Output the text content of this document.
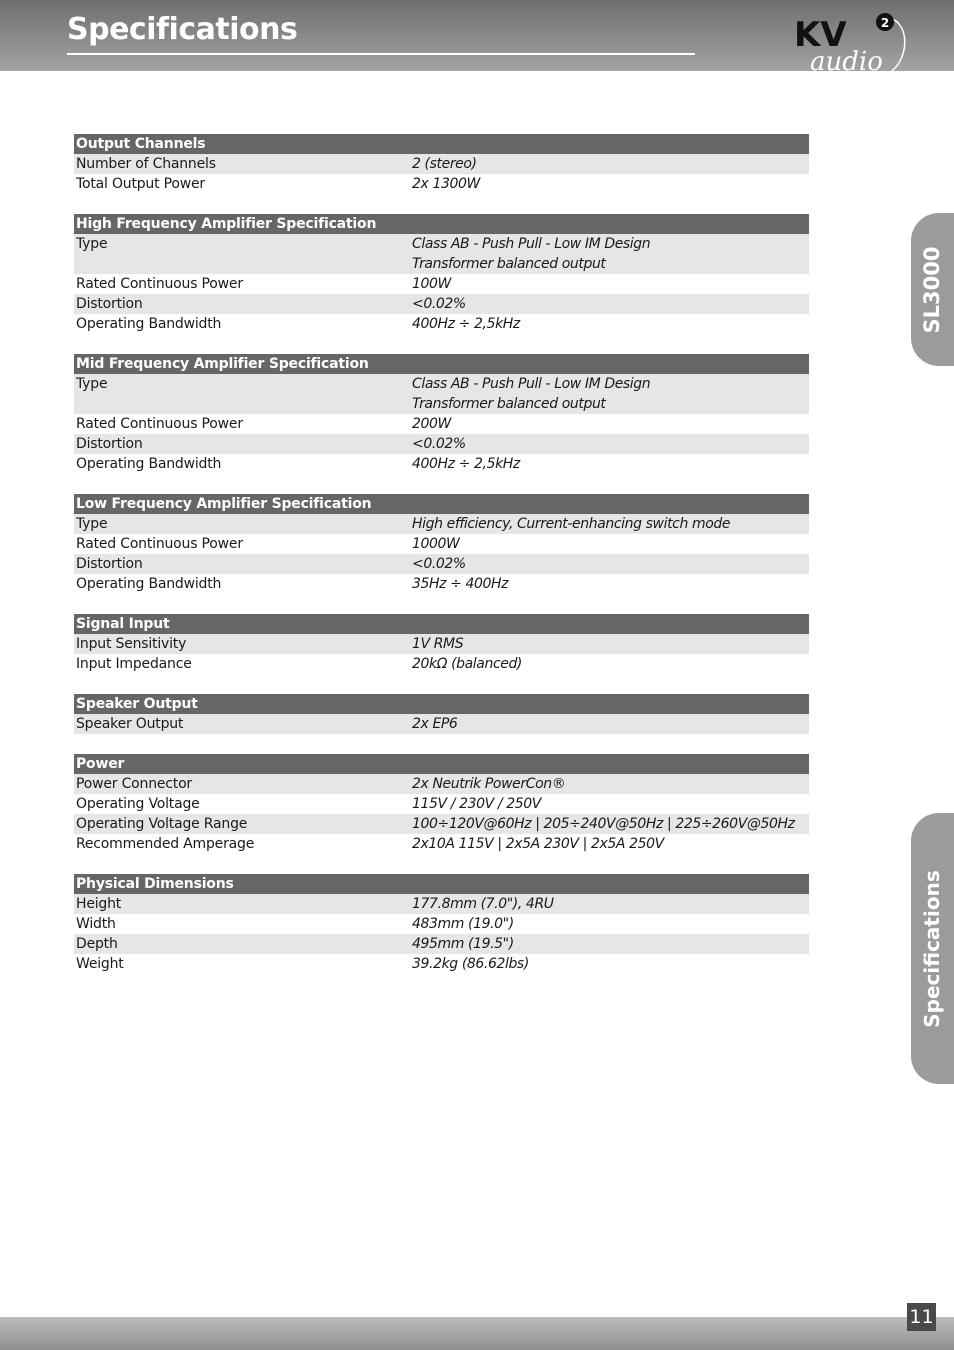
Specifications	KV
audio
2
SL3000
Specifications
Output Channels
Number of Channels	2 (stereo)
Total Output Power	2x 1300W
High Frequency Amplifier Specification
Type	Class AB - Push Pull - Low IM Design
Transformer balanced output
Rated Continuous Power	100W
Distortion	<0.02%
Operating Bandwidth	400Hz ÷ 2,5kHz
Mid Frequency Amplifier Specification
Type	Class AB - Push Pull - Low IM Design
Transformer balanced output
Rated Continuous Power	200W
Distortion	<0.02%
Operating Bandwidth	400Hz ÷ 2,5kHz
Low Frequency Amplifier Specification
Type	High efficiency, Current-enhancing switch mode
Rated Continuous Power	1000W
Distortion	<0.02%
Operating Bandwidth	35Hz ÷ 400Hz
Signal Input
Input Sensitivity	1V RMS
Input Impedance	20kΩ (balanced)
Speaker Output
Speaker Output	2x EP6
Power
Power Connector	2x Neutrik PowerCon®
Operating Voltage	115V / 230V / 250V
Operating Voltage Range	100÷120V@60Hz | 205÷240V@50Hz | 225÷260V@50Hz
Recommended Amperage	2x10A 115V | 2x5A 230V | 2x5A 250V
Physical Dimensions
Height	177.8mm (7.0"), 4RU
Width	483mm (19.0")
Depth	495mm (19.5")
Weight	39.2kg (86.62lbs)
11
